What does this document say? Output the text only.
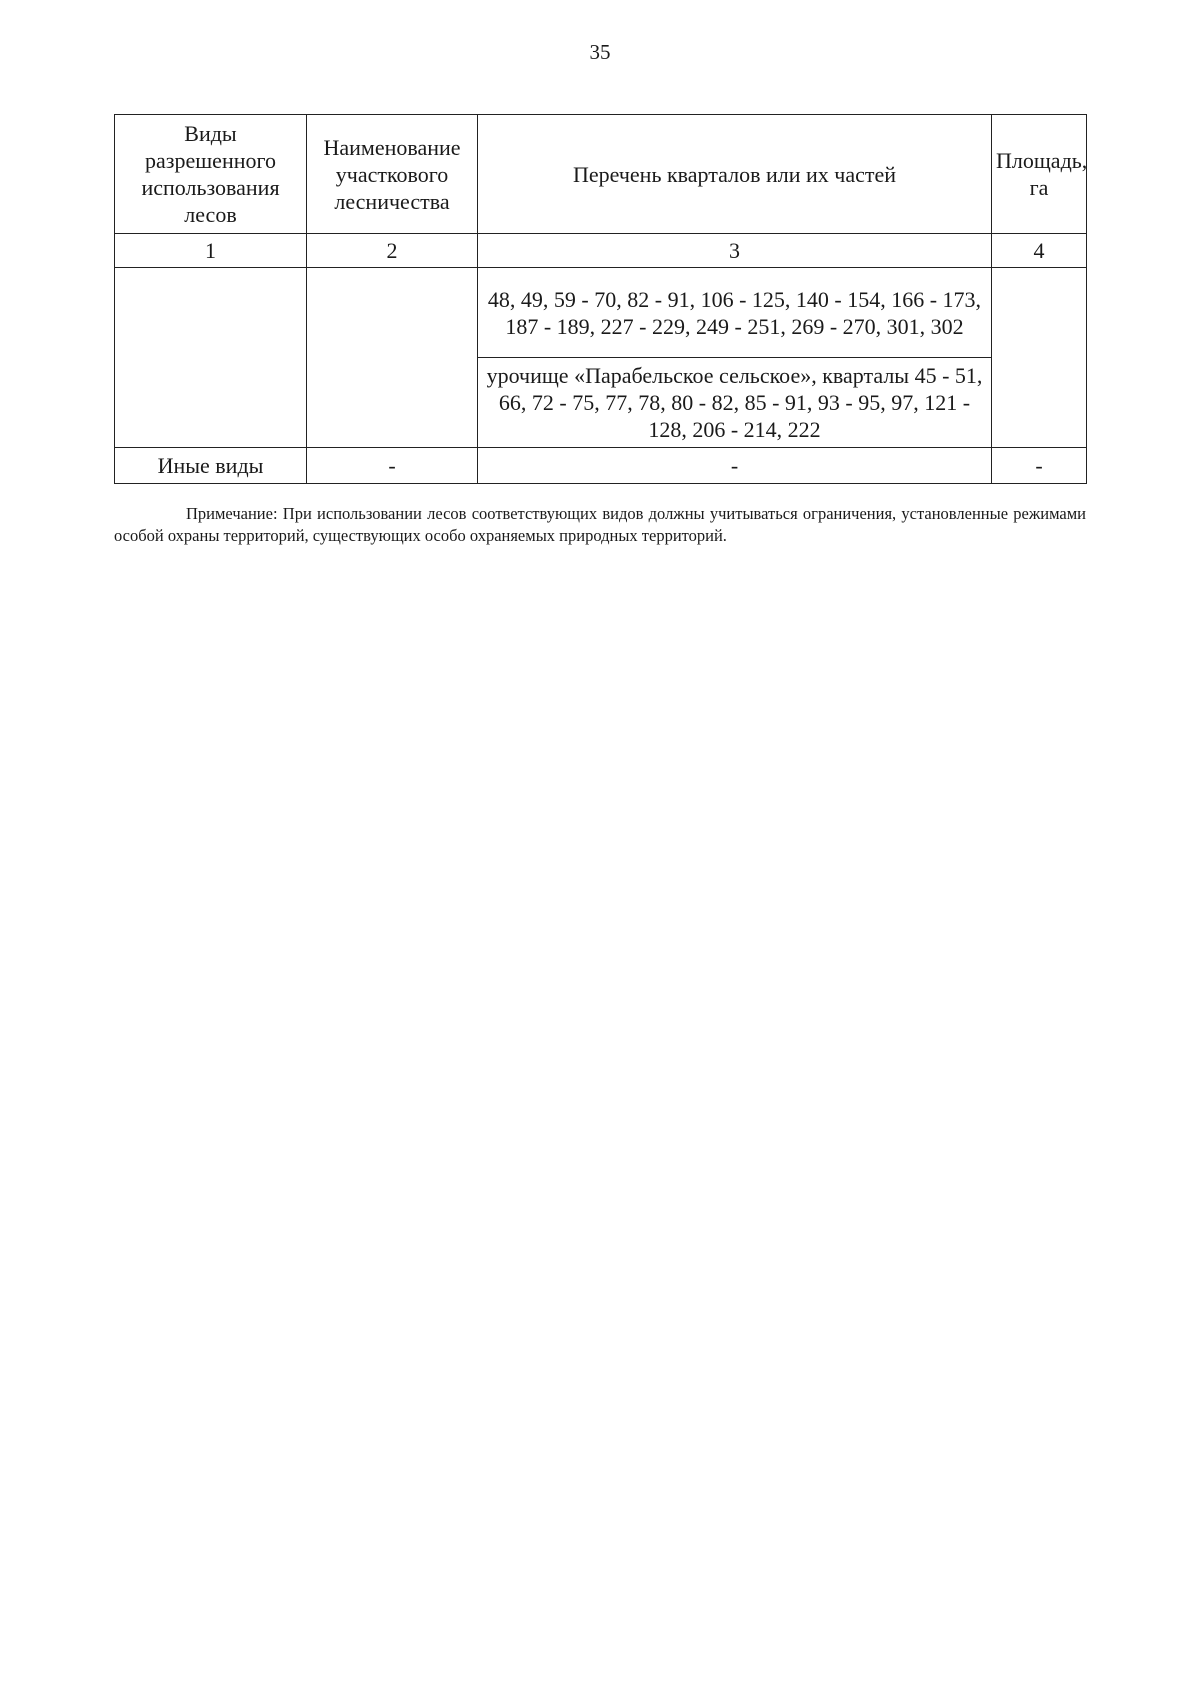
35
Виды разрешенного использования лесов	Наименование участкового лесничества	Перечень кварталов или их частей	Площадь, га
1	2	3	4
		48, 49, 59 - 70, 82 - 91, 106 - 125, 140 - 154, 166 - 173, 187 - 189, 227 - 229, 249 - 251, 269 - 270, 301, 302	
		урочище «Парабельское сельское», кварталы 45 - 51, 66, 72 - 75, 77, 78, 80 - 82, 85 - 91, 93 - 95, 97, 121 - 128, 206 - 214, 222	
Иные виды	-	-	-

Примечание: При использовании лесов соответствующих видов должны учитываться ограничения, установленные режимами особой охраны территорий, существующих особо охраняемых природных территорий.
